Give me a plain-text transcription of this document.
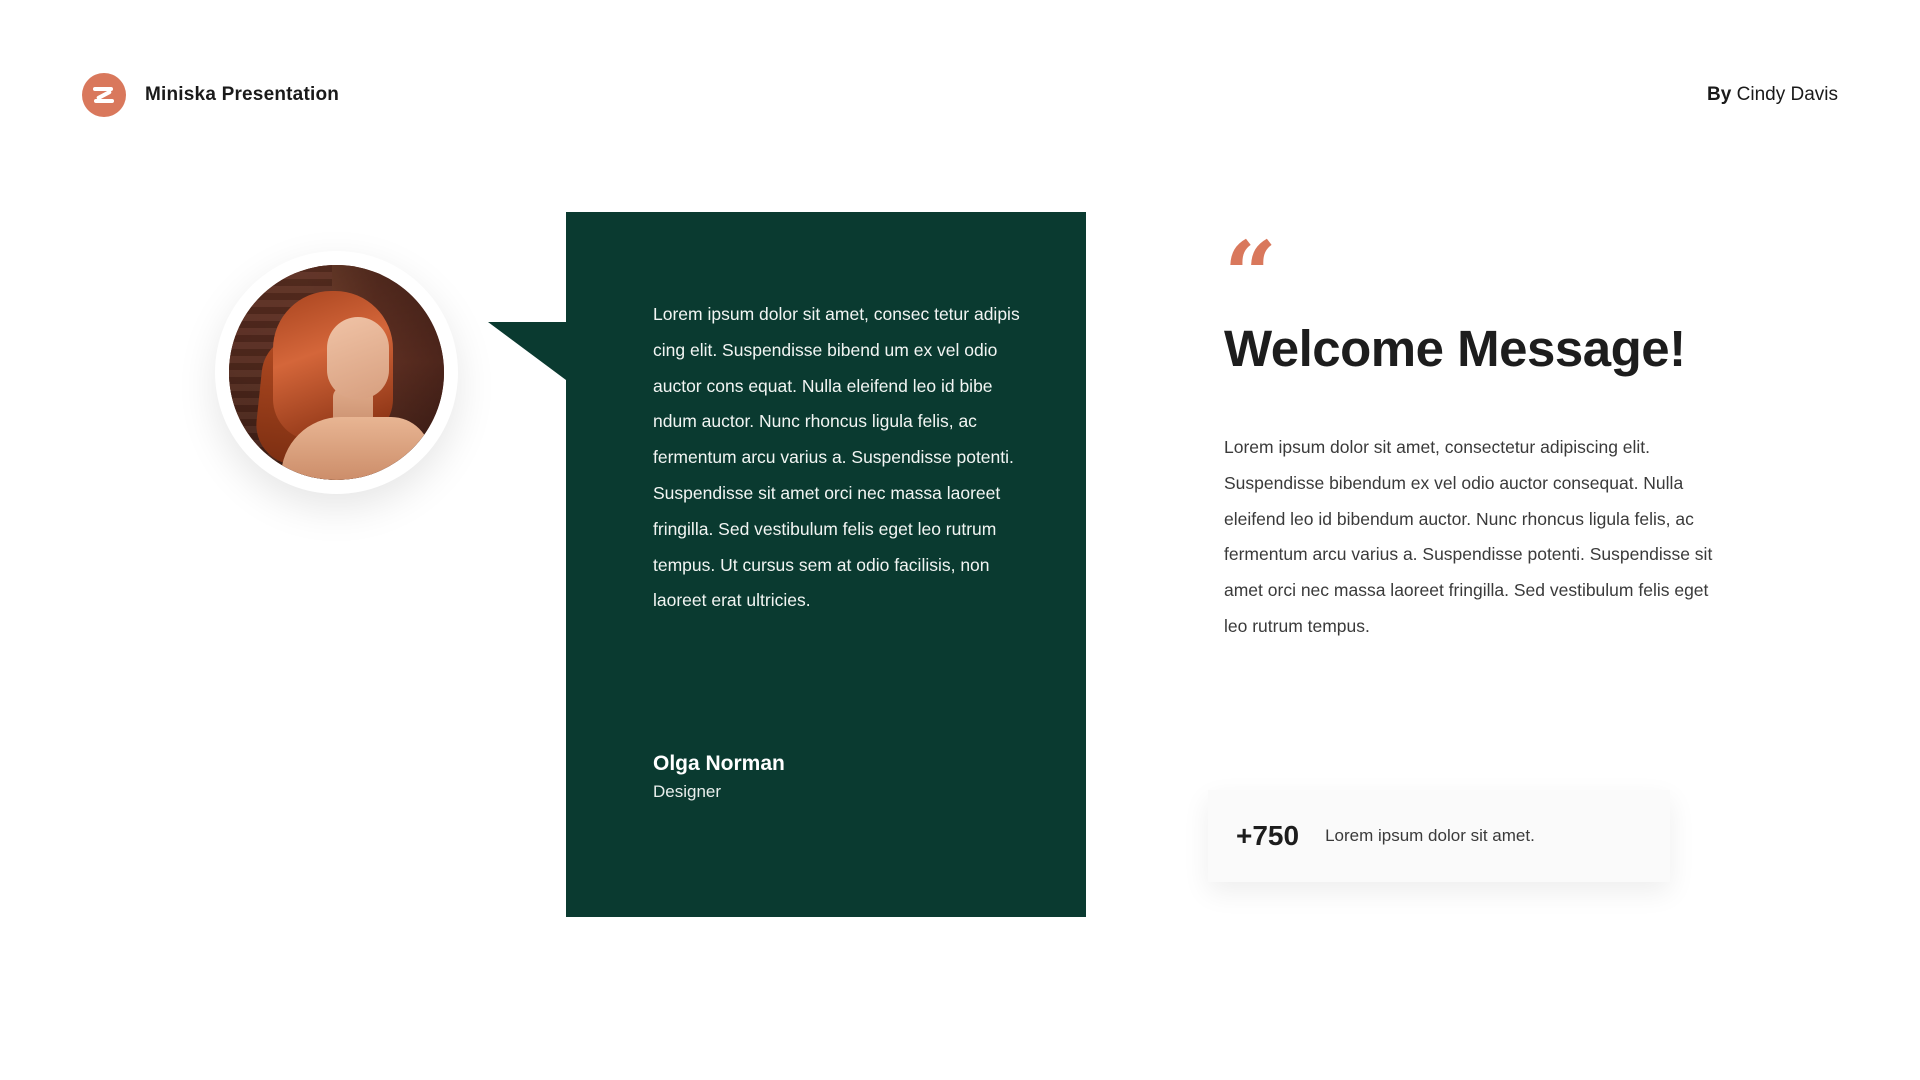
Miniska Presentation	By Cindy Davis
Lorem ipsum dolor sit amet, consec tetur adipis cing elit. Suspendisse bibend um ex vel odio auctor cons equat. Nulla eleifend leo id bibe ndum auctor. Nunc rhoncus ligula felis, ac fermentum arcu varius a. Suspendisse potenti. Suspendisse sit amet orci nec massa laoreet fringilla. Sed vestibulum felis eget leo rutrum tempus. Ut cursus sem at odio facilisis, non laoreet erat ultricies.
Olga Norman
Designer
“
Welcome Message!
Lorem ipsum dolor sit amet, consectetur adipiscing elit. Suspendisse bibendum ex vel odio auctor consequat. Nulla eleifend leo id bibendum auctor. Nunc rhoncus ligula felis, ac fermentum arcu varius a. Suspendisse potenti. Suspendisse sit amet orci nec massa laoreet fringilla. Sed vestibulum felis eget leo rutrum tempus.
+750 Lorem ipsum dolor sit amet.
